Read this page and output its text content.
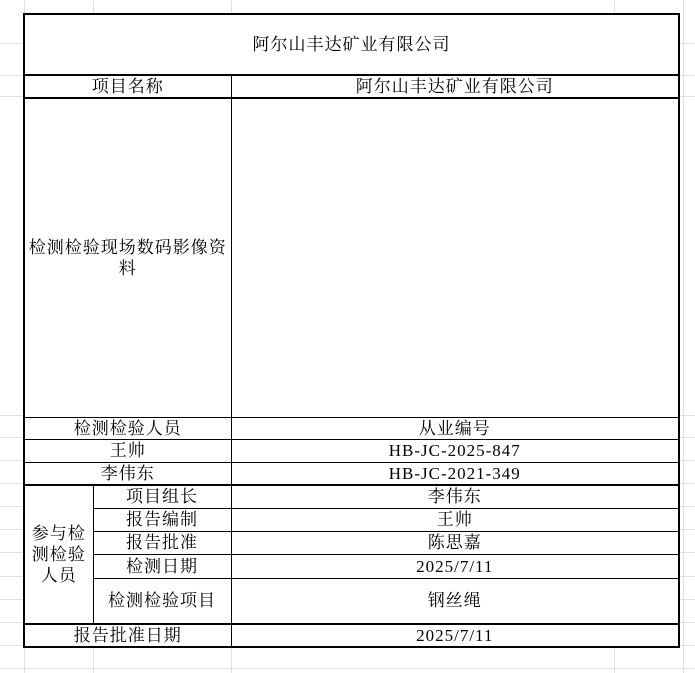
阿尔山丰达矿业有限公司		
项目名称		阿尔山丰达矿业有限公司
检测检验现场数码影像资料		
检测检验人员		从业编号
王帅		HB-JC-2025-847
李伟东		HB-JC-2021-349
参与检测检验人员	项目组长	李伟东
	报告编制	王帅
	报告批准	陈思嘉
	检测日期	2025/7/11
	检测检验项目	钢丝绳
报告批准日期		2025/7/11
